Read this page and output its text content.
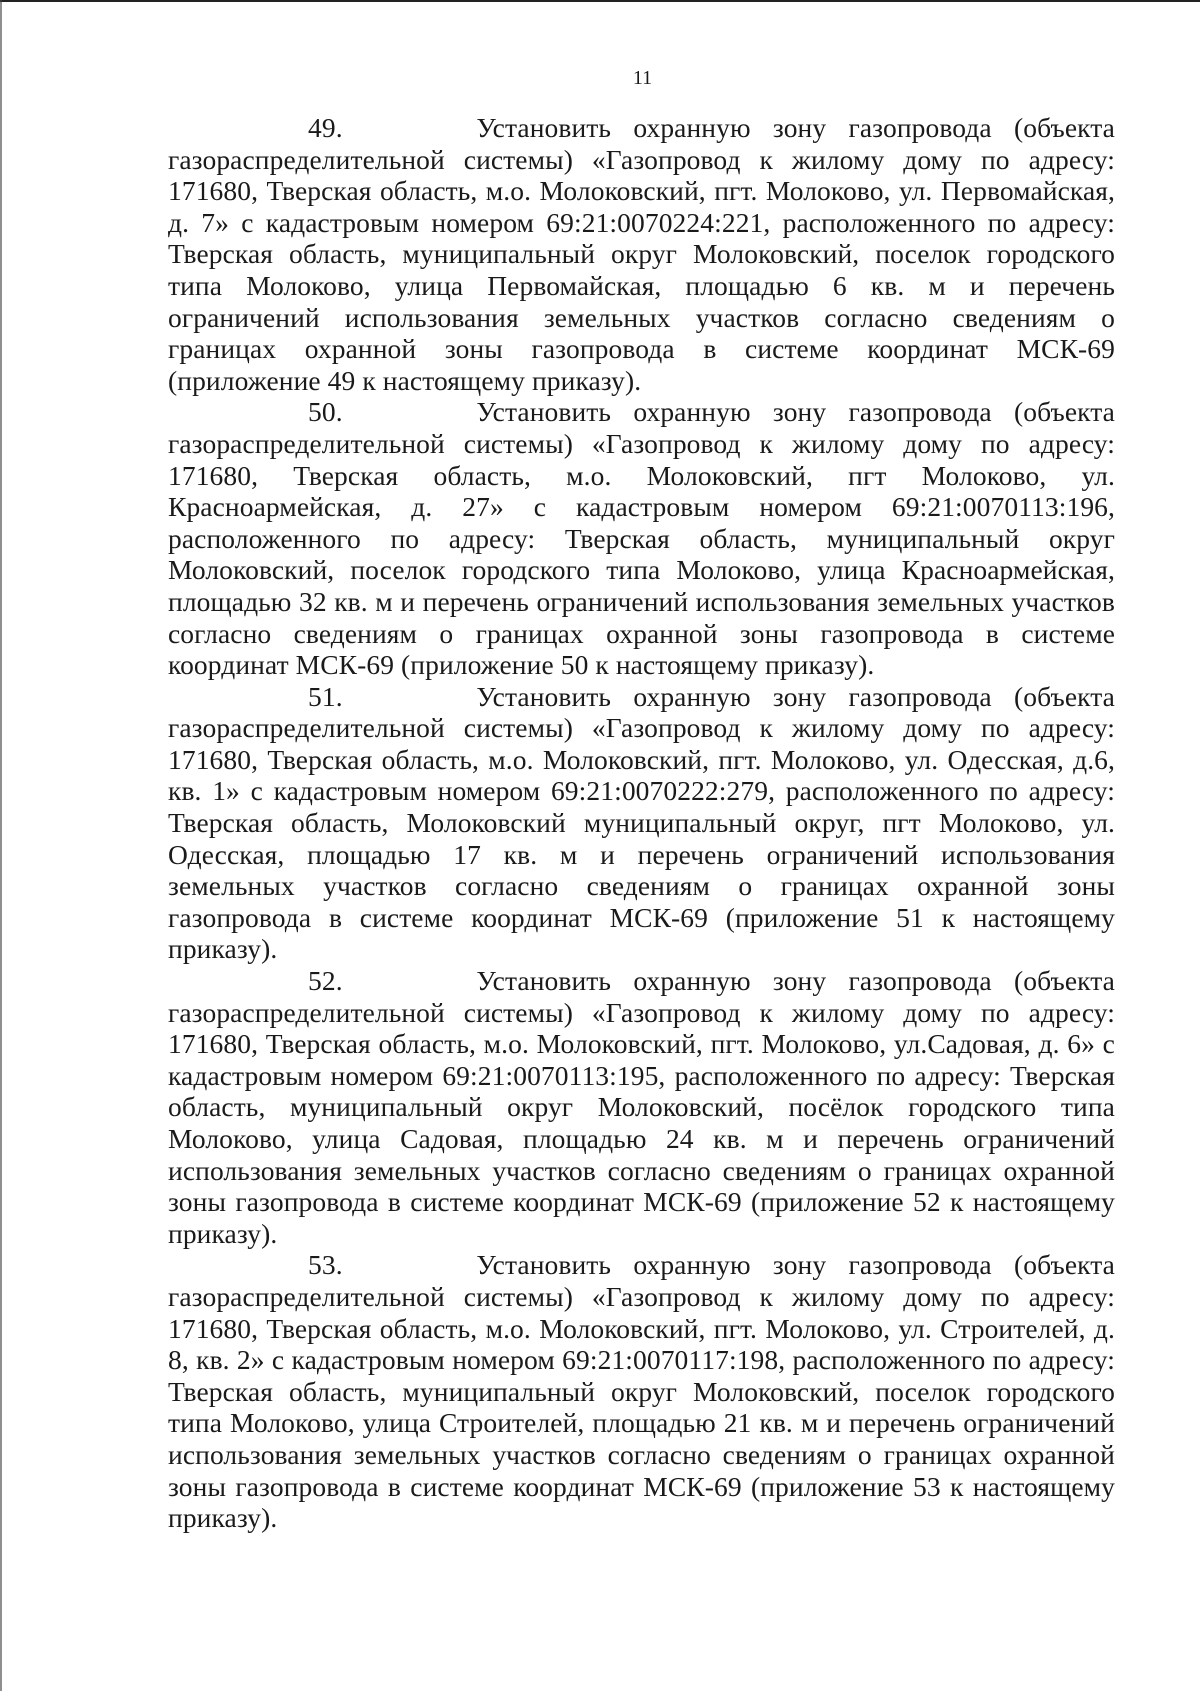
11

49.	Установить охранную зону газопровода (объекта газораспределительной системы) «Газопровод к жилому дому по адресу: 171680, Тверская область, м.о. Молоковский, пгт. Молоково, ул. Первомайская, д. 7» с кадастровым номером 69:21:0070224:221, расположенного по адресу: Тверская область, муниципальный округ Молоковский, поселок городского типа Молоково, улица Первомайская, площадью 6 кв. м и перечень ограничений использования земельных участков согласно сведениям о границах охранной зоны газопровода в системе координат МСК-69 (приложение 49 к настоящему приказу).

50.	Установить охранную зону газопровода (объекта газораспределительной системы) «Газопровод к жилому дому по адресу: 171680, Тверская область, м.о. Молоковский, пгт Молоково, ул. Красноармейская, д. 27» с кадастровым номером 69:21:0070113:196, расположенного по адресу: Тверская область, муниципальный округ Молоковский, поселок городского типа Молоково, улица Красноармейская, площадью 32 кв. м и перечень ограничений использования земельных участков согласно сведениям о границах охранной зоны газопровода в системе координат МСК-69 (приложение 50 к настоящему приказу).

51.	Установить охранную зону газопровода (объекта газораспределительной системы) «Газопровод к жилому дому по адресу: 171680, Тверская область, м.о. Молоковский, пгт. Молоково, ул. Одесская, д.6, кв. 1» с кадастровым номером 69:21:0070222:279, расположенного по адресу: Тверская область, Молоковский муниципальный округ, пгт Молоково, ул. Одесская, площадью 17 кв. м и перечень ограничений использования земельных участков согласно сведениям о границах охранной зоны газопровода в системе координат МСК-69 (приложение 51 к настоящему приказу).

52.	Установить охранную зону газопровода (объекта газораспределительной системы) «Газопровод к жилому дому по адресу: 171680, Тверская область, м.о. Молоковский, пгт. Молоково, ул.Садовая, д. 6» с кадастровым номером 69:21:0070113:195, расположенного по адресу: Тверская область, муниципальный округ Молоковский, посёлок городского типа Молоково, улица Садовая, площадью 24 кв. м и перечень ограничений использования земельных участков согласно сведениям о границах охранной зоны газопровода в системе координат МСК-69 (приложение 52 к настоящему приказу).

53.	Установить охранную зону газопровода (объекта газораспределительной системы) «Газопровод к жилому дому по адресу: 171680, Тверская область, м.о. Молоковский, пгт. Молоково, ул. Строителей, д. 8, кв. 2» с кадастровым номером 69:21:0070117:198, расположенного по адресу: Тверская область, муниципальный округ Молоковский, поселок городского типа Молоково, улица Строителей, площадью 21 кв. м и перечень ограничений использования земельных участков согласно сведениям о границах охранной зоны газопровода в системе координат МСК-69 (приложение 53 к настоящему приказу).
